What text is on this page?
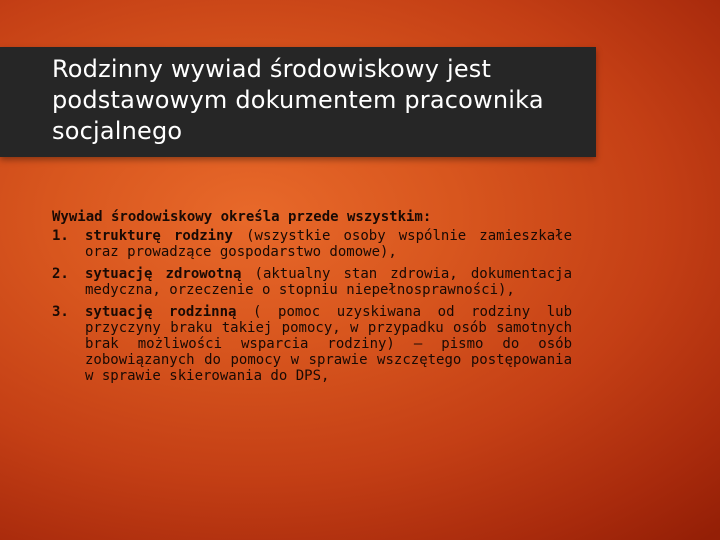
Rodzinny wywiad środowiskowy jest podstawowym dokumentem pracownika socjalnego

Wywiad środowiskowy określa przede wszystkim:

1. strukturę rodziny (wszystkie osoby wspólnie zamieszkałe oraz prowadzące gospodarstwo domowe),
2. sytuację zdrowotną (aktualny stan zdrowia, dokumentacja medyczna, orzeczenie o stopniu niepełnosprawności),
3. sytuację rodzinną ( pomoc uzyskiwana od rodziny lub przyczyny braku takiej pomocy, w przypadku osób samotnych brak możliwości wsparcia rodziny) – pismo do osób zobowiązanych do pomocy w sprawie wszczętego postępowania w sprawie skierowania do DPS,
